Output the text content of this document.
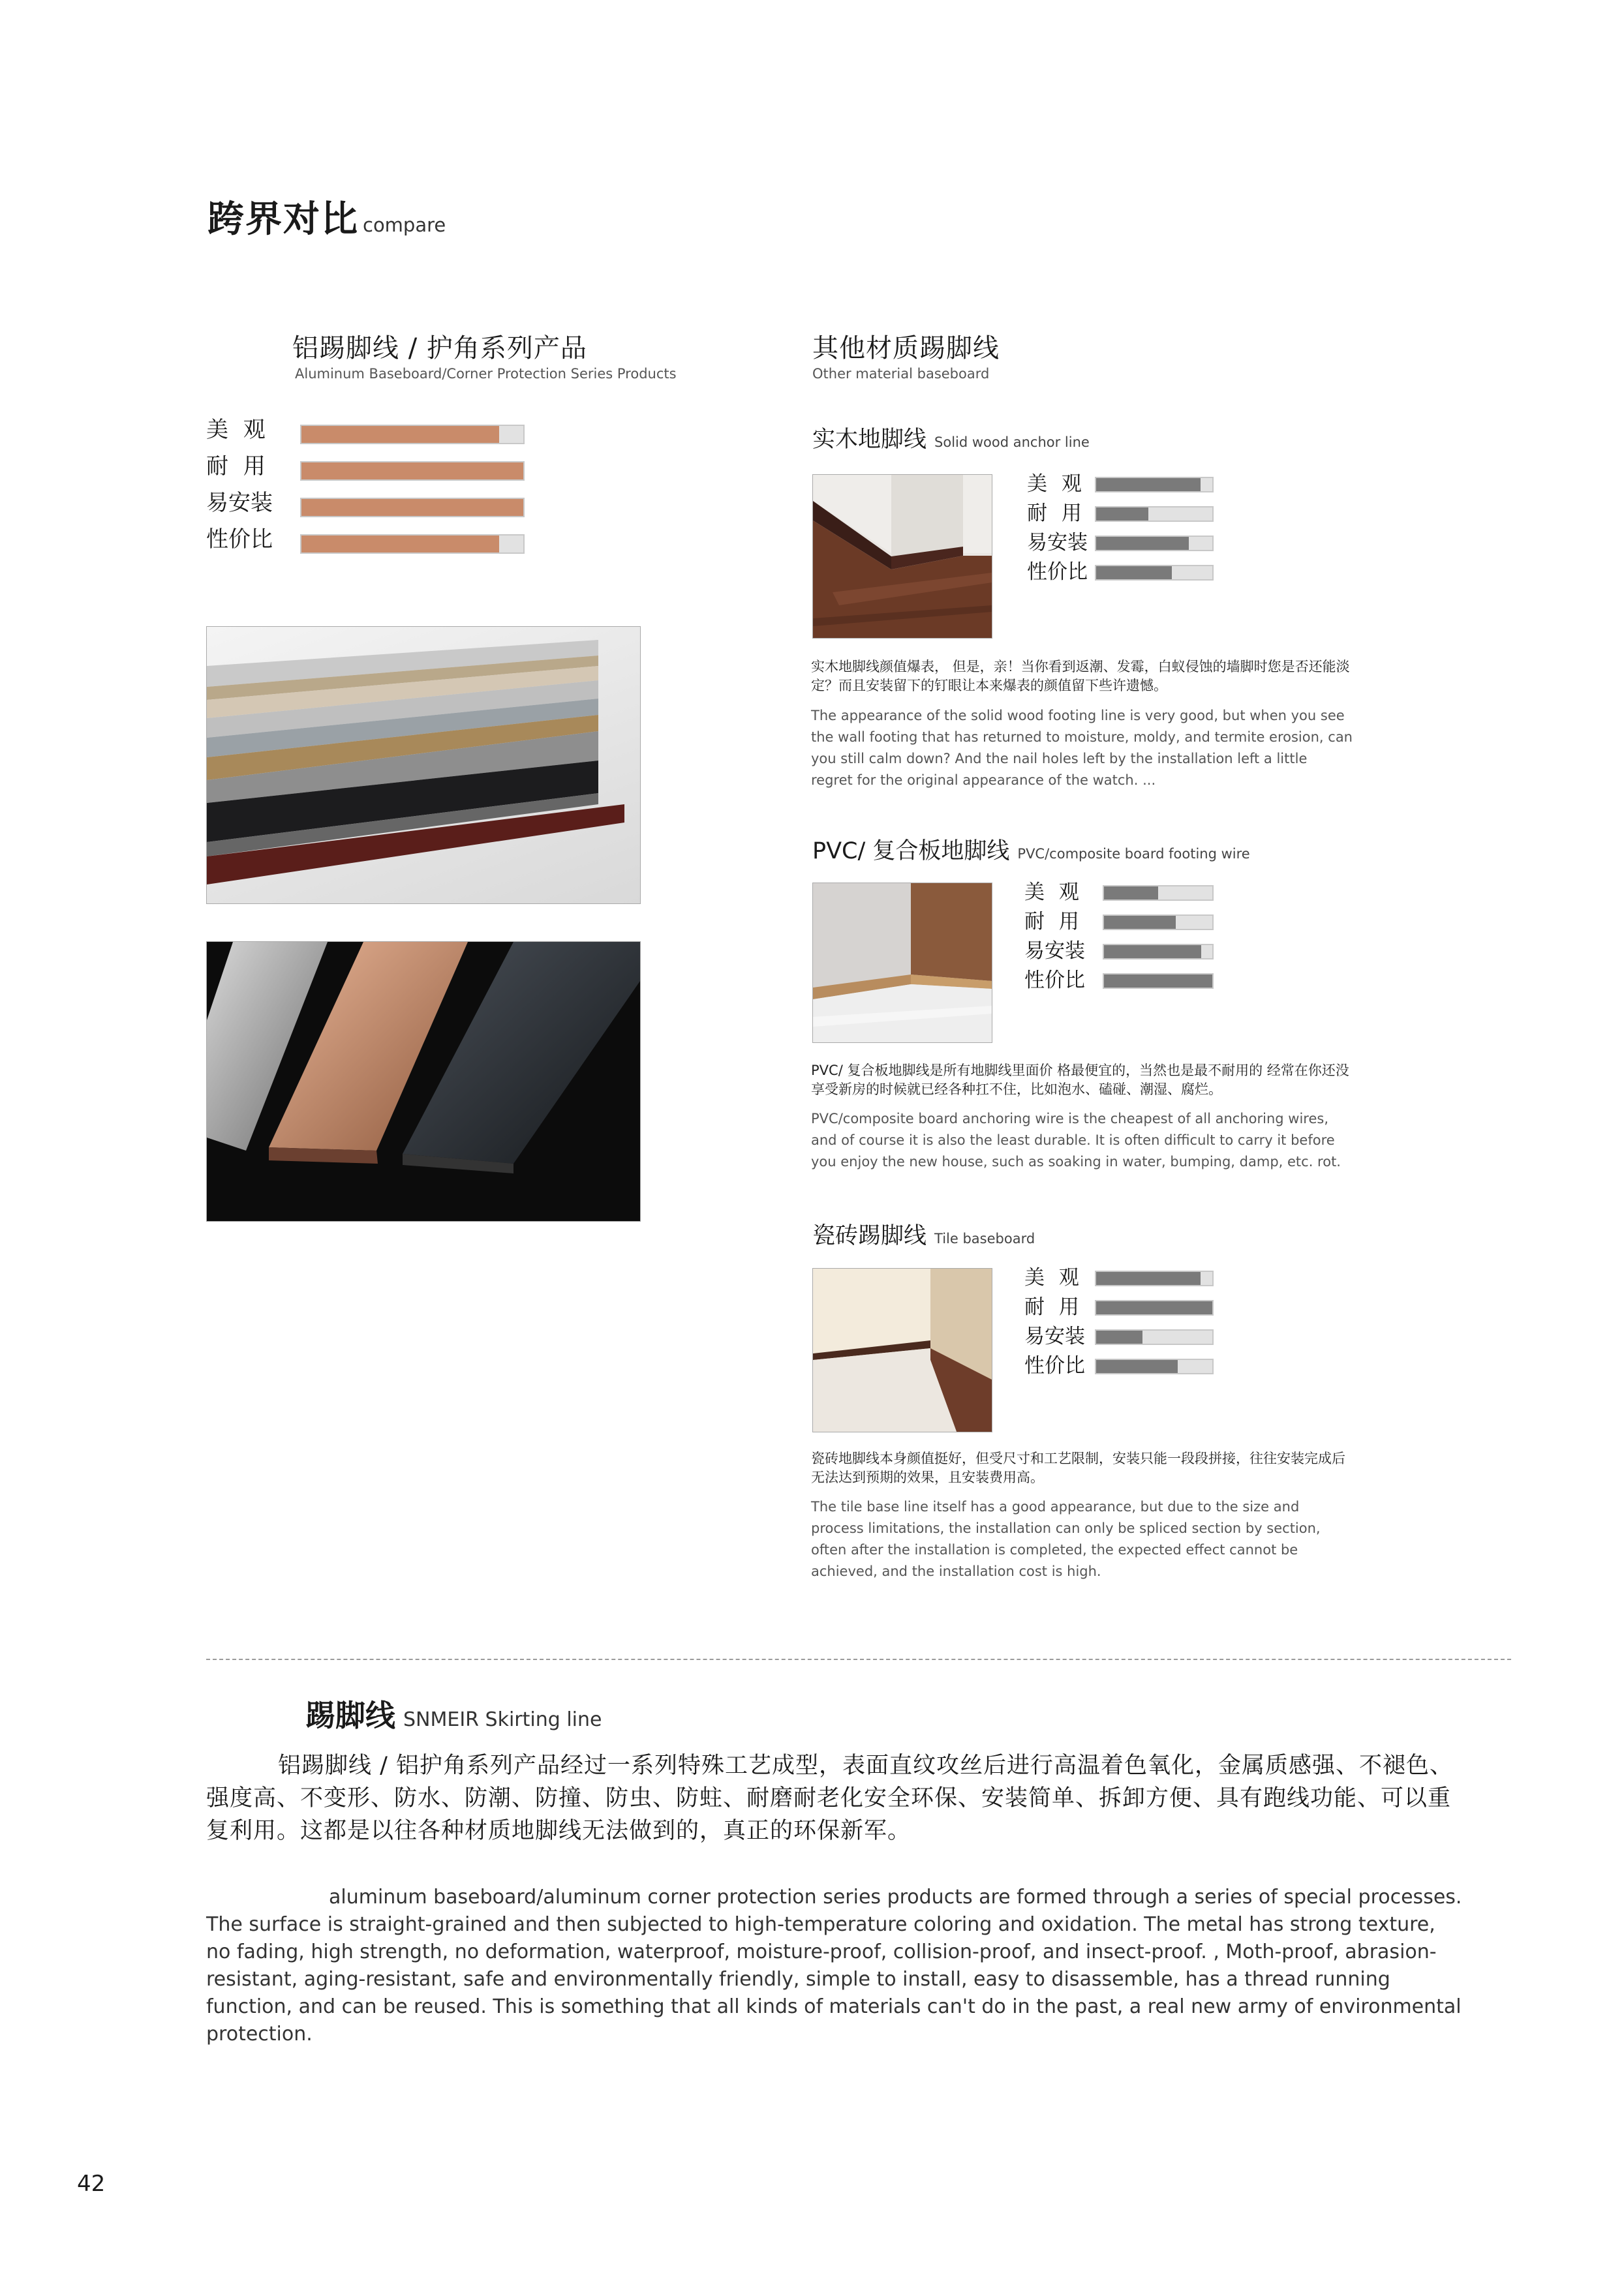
跨界对比 compare
铝踢脚线 / 护角系列产品
Aluminum Baseboard/Corner Protection Series Products
其他材质踢脚线
Other material baseboard
美 观
耐 用
易安装
性价比
实木地脚线 Solid wood anchor line
美 观
耐 用
易安装
性价比
实木地脚线颜值爆表， 但是，亲！当你看到返潮、发霉，白蚁侵蚀的墙脚时您是否还能淡定？而且安装留下的钉眼让本来爆表的颜值留下些许遗憾。
The appearance of the solid wood footing line is very good, but when you see the wall footing that has returned to moisture, moldy, and termite erosion, can you still calm down? And the nail holes left by the installation left a little regret for the original appearance of the watch. ...
PVC/ 复合板地脚线 PVC/composite board footing wire
美 观
耐 用
易安装
性价比
PVC/ 复合板地脚线是所有地脚线里面价 格最便宜的，当然也是最不耐用的 经常在你还没享受新房的时候就已经各种扛不住，比如泡水、磕碰、潮湿、腐烂。
PVC/composite board anchoring wire is the cheapest of all anchoring wires, and of course it is also the least durable. It is often difficult to carry it before you enjoy the new house, such as soaking in water, bumping, damp, etc. rot.
瓷砖踢脚线 Tile baseboard
美 观
耐 用
易安装
性价比
瓷砖地脚线本身颜值挺好，但受尺寸和工艺限制，安装只能一段段拼接，往往安装完成后无法达到预期的效果，且安装费用高。
The tile base line itself has a good appearance, but due to the size and process limitations, the installation can only be spliced section by section, often after the installation is completed, the expected effect cannot be achieved, and the installation cost is high.
踢脚线 SNMEIR Skirting line
铝踢脚线 / 铝护角系列产品经过一系列特殊工艺成型，表面直纹攻丝后进行高温着色氧化，金属质感强、不褪色、强度高、不变形、防水、防潮、防撞、防虫、防蛀、耐磨耐老化安全环保、安装简单、拆卸方便、具有跑线功能、可以重复利用。这都是以往各种材质地脚线无法做到的，真正的环保新军。
aluminum baseboard/aluminum corner protection series products are formed through a series of special processes. The surface is straight-grained and then subjected to high-temperature coloring and oxidation. The metal has strong texture, no fading, high strength, no deformation, waterproof, moisture-proof, collision-proof, and insect-proof. , Moth-proof, abrasion-resistant, aging-resistant, safe and environmentally friendly, simple to install, easy to disassemble, has a thread running function, and can be reused. This is something that all kinds of materials can't do in the past, a real new army of environmental protection.
42
